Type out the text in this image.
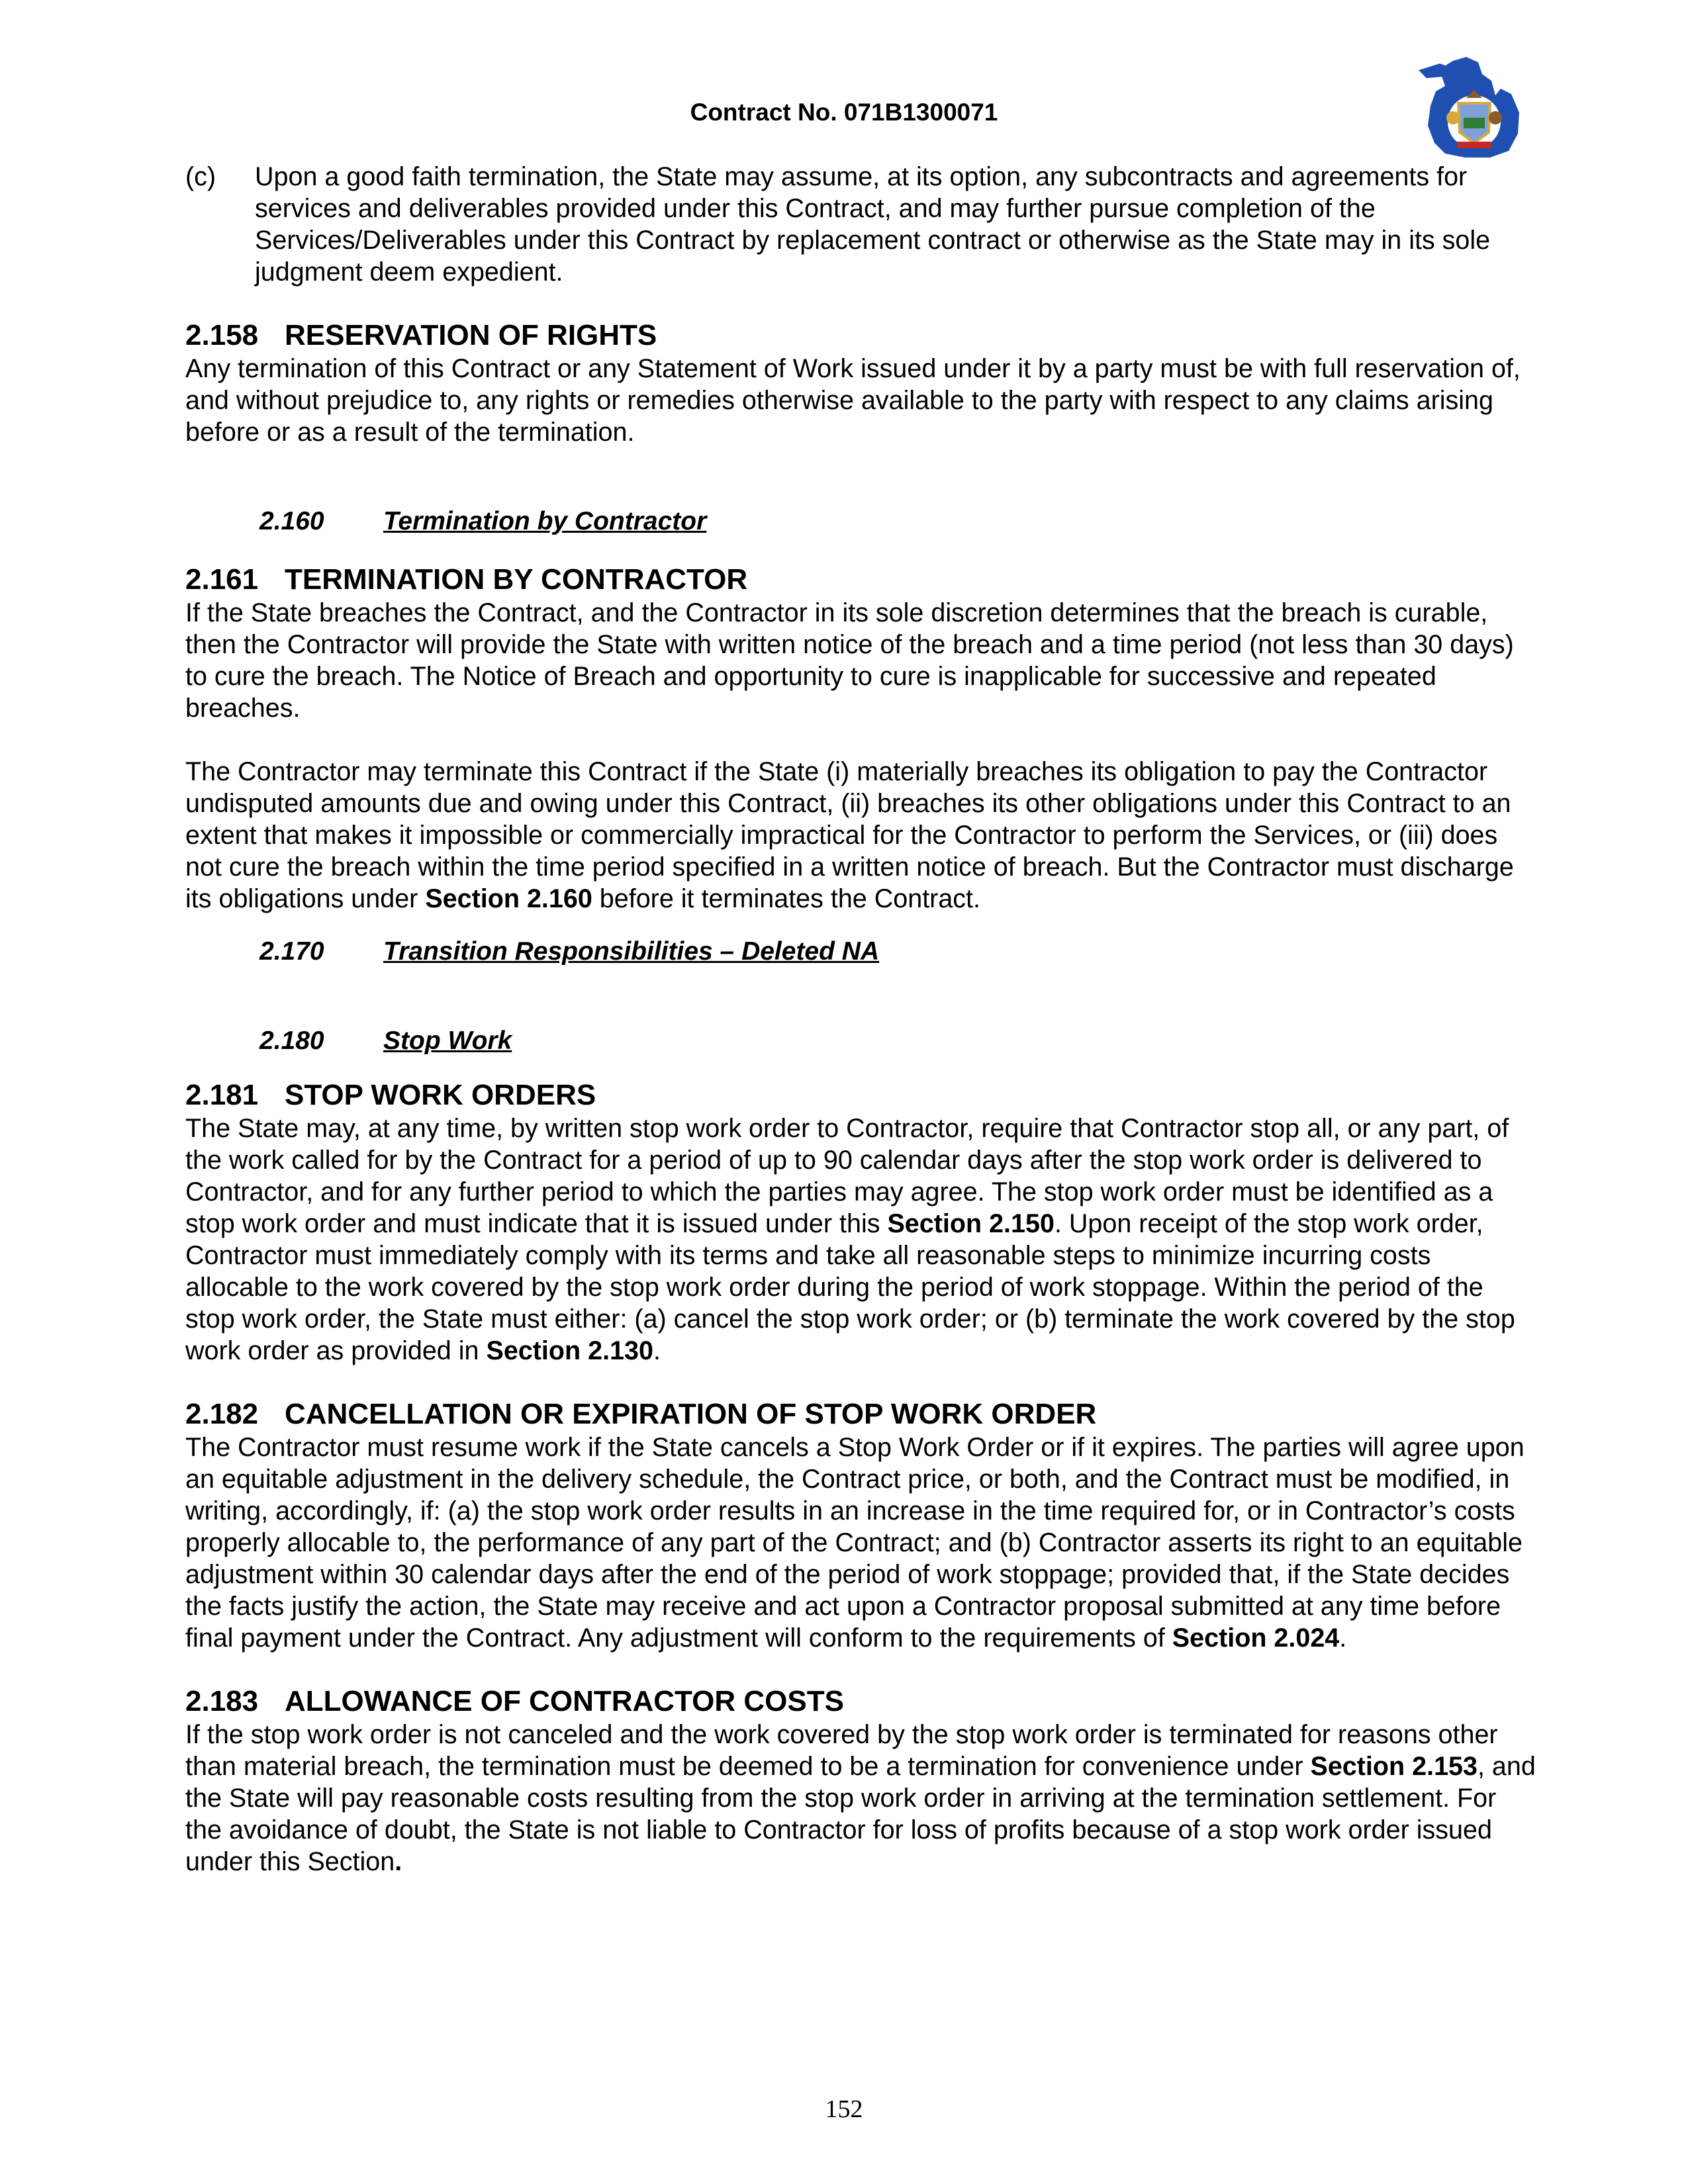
Contract No. 071B1300071

(c) Upon a good faith termination, the State may assume, at its option, any subcontracts and agreements for services and deliverables provided under this Contract, and may further pursue completion of the Services/Deliverables under this Contract by replacement contract or otherwise as the State may in its sole judgment deem expedient.

2.158 RESERVATION OF RIGHTS

Any termination of this Contract or any Statement of Work issued under it by a party must be with full reservation of, and without prejudice to, any rights or remedies otherwise available to the party with respect to any claims arising before or as a result of the termination.

2.160 Termination by Contractor

2.161 TERMINATION BY CONTRACTOR

If the State breaches the Contract, and the Contractor in its sole discretion determines that the breach is curable, then the Contractor will provide the State with written notice of the breach and a time period (not less than 30 days) to cure the breach. The Notice of Breach and opportunity to cure is inapplicable for successive and repeated breaches.

The Contractor may terminate this Contract if the State (i) materially breaches its obligation to pay the Contractor undisputed amounts due and owing under this Contract, (ii) breaches its other obligations under this Contract to an extent that makes it impossible or commercially impractical for the Contractor to perform the Services, or (iii) does not cure the breach within the time period specified in a written notice of breach. But the Contractor must discharge its obligations under Section 2.160 before it terminates the Contract.

2.170 Transition Responsibilities – Deleted NA

2.180 Stop Work

2.181 STOP WORK ORDERS

The State may, at any time, by written stop work order to Contractor, require that Contractor stop all, or any part, of the work called for by the Contract for a period of up to 90 calendar days after the stop work order is delivered to Contractor, and for any further period to which the parties may agree. The stop work order must be identified as a stop work order and must indicate that it is issued under this Section 2.150. Upon receipt of the stop work order, Contractor must immediately comply with its terms and take all reasonable steps to minimize incurring costs allocable to the work covered by the stop work order during the period of work stoppage. Within the period of the stop work order, the State must either: (a) cancel the stop work order; or (b) terminate the work covered by the stop work order as provided in Section 2.130.

2.182 CANCELLATION OR EXPIRATION OF STOP WORK ORDER

The Contractor must resume work if the State cancels a Stop Work Order or if it expires. The parties will agree upon an equitable adjustment in the delivery schedule, the Contract price, or both, and the Contract must be modified, in writing, accordingly, if: (a) the stop work order results in an increase in the time required for, or in Contractor’s costs properly allocable to, the performance of any part of the Contract; and (b) Contractor asserts its right to an equitable adjustment within 30 calendar days after the end of the period of work stoppage; provided that, if the State decides the facts justify the action, the State may receive and act upon a Contractor proposal submitted at any time before final payment under the Contract. Any adjustment will conform to the requirements of Section 2.024.

2.183 ALLOWANCE OF CONTRACTOR COSTS

If the stop work order is not canceled and the work covered by the stop work order is terminated for reasons other than material breach, the termination must be deemed to be a termination for convenience under Section 2.153, and the State will pay reasonable costs resulting from the stop work order in arriving at the termination settlement. For the avoidance of doubt, the State is not liable to Contractor for loss of profits because of a stop work order issued under this Section.

152
